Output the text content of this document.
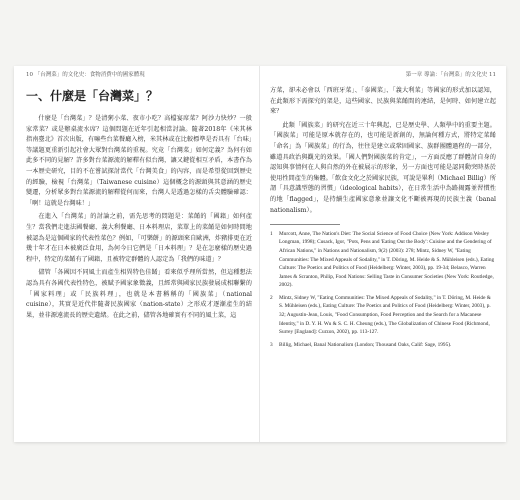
10 「台灣菜」的文化史：食物消費中的國家體現
一、什麼是「台灣菜」？

什麼是「台灣菜」？是清粥小菜、夜市小吃？高檔宴席菜？阿沙力快炒？一般家常菜？或是辦桌流水席？這個問題在近年引起相當討論。隨著2018年《米其林指南臺北》首次出版，有嘛些台菜餐廳入榜，米其林或在比較標準是否具有「台味」等議題更重新引起社會大眾對台灣菜的重視。究竟「台灣菜」如何定義？為何有如此多不同的見解？許多對台菜源流的解釋有似台灣，讓又鍵從相互矛盾，本書作為一本歷史研究，目的不在嘗試探討當代「台灣美食」的內容，而是希望從回到歷史的經驗，檢視「台灣菜」（Taiwanese cuisine）這個概念的源頭與其意涵的歷史變遷，分析眾多對台菜源流的解釋從何而來，台灣人是透過怎樣的舌尖體驗確認：「啊！這就是台灣味！」

在進入「台灣菜」的討論之前，需先思考的問題是：菜餚的「國籍」如何產生？當我們走進法國餐廳、義大利餐廳、日本料理店，菜單上的菜餚是如何時間地被認為是這個國家的代表性菜色？例如，「可樂餅」的源頭來自歐洲，炸豬排更在近幾十年才在日本被廣泛食用，為何今日它們是「日本料理」？是在怎麼樣的歷史過程中，特定的菜餚有了國籍，且被特定群體的人認定為「我們的味道」？

儘管「各國因不同風土而產生相異特色佳餚」看來似乎理所當然，但這種想法認為具有各國代表性特色，被賦予國家象徵義，且經常與國家民族發展成相聯繫的「國家料理」或「民族料理」，也就是本書稱稱的「國族菜」（national cuisine），其實是近代伴隨著民族國家（nation-state）之形成才逐漸產生的結果，並非源遠流長的歷史遺緒。在此之前，儘管各地確實有不同的風土菜，這

第一章 導論：「台灣菜」的文化史 11

方菜，卻未必會以「西班牙菜」、「泰國菜」、「義大利菜」等國家的形式加以認知，在此類形下需探究的架是，這些國家、民族與菜餚間的連結，是何時、如何建立起來？

此類「國族菜」的研究在近三十年興起，已是歷史學、人類學中的重要主題。「國族菜」可能是原本就存在的，也可能是新創的，無論何種方式，將特定菜餚「命名」為「國族菜」的行為，往往是建立或鞏固國家、族群團體過程的一部分，雖道具政治與觀光的效果。「國人們對國族菜的肯定」，一方面反應了群體討自身的認知與事情何在人與自然的外在被展示的形象，另一方面也可能是認同動突時基於使用性間產生的集體。「飲食文化之於國家民族，可說是畢利（Michael Billig）所謂「具意識型態的習慣」（ideological habits），在日常生活中為路揭露並習慣性的地「flagged」，是持續生產國家意象並讓文化不斷被再現的民族主義（banal nationalism）。

1 Murcott, Anne, The Nation's Diet: The Social Science of Food Choice (New York: Addison Wesley Longman, 1998); Cusack, Igor, "Pots, Pens and 'Eating Out the Body': Cuisine and the Gendering of African Nations," in Nations and Nationalism, 9(2) (2003): 278; Mintz, Sidney W, "Eating Communities: The Mixed Appeals of Sodality," in T. Döring, M. Heide & S. Mühleisen (eds.), Eating Culture: The Poetics and Politics of Food (Heidelberg: Winter, 2003), pp. 19-34; Belasco, Warren James & Scranton, Philip, Food Nations: Selling Taste in Consumer Societies (New York: Routledge, 2002).
2 Mintz, Sidney W, "Eating Communities: The Mixed Appeals of Sodality," in T. Döring, M. Heide & S. Mühleisen (eds.), Eating Culture: The Poetics and Politics of Food (Heidelberg: Winter, 2003), p. 32; Augustin-Jean, Louis, "Food Consumption, Food Perception and the Search for a Macanese Identity," in D. Y. H. Wu & S. C. H. Cheung (eds.), The Globalization of Chinese Food (Richmond, Surrey [England]: Curzon, 2002), pp. 113-127.
3 Billig, Michael, Banal Nationalism (London; Thousand Oaks, Calif: Sage, 1995).
